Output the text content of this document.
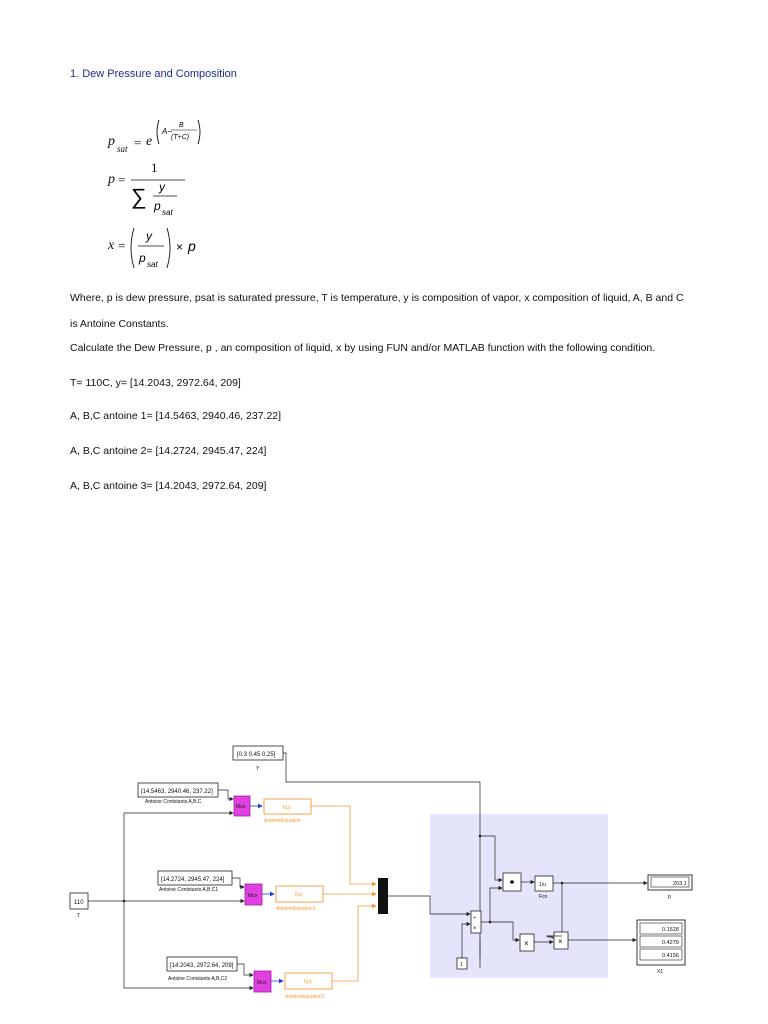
1. Dew Pressure and Composition
p sat = e
A−
B
(T+C)
p =
1
∑ y
p sat
x =
y
p sat
× p
Where, p is dew pressure, psat is saturated pressure, T is temperature, y is composition of vapor, x composition of liquid, A, B and C
is Antoine Constants.
Calculate the Dew Pressure, p , an composition of liquid, x by using FUN and/or MATLAB function with the following condition.
T= 110C, y= [14.2043, 2972.64, 209]
A, B,C antoine 1= [14.5463, 2940.46, 237.22]
A, B,C antoine 2= [14.2724, 2945.47, 224]
A, B,C antoine 3= [14.2043, 2972.64, 209]
[0.3 0.45 0.25]
Y
[14.5463, 2940.46, 237.22]
Antoine Contstants A,B,C
[14.2724, 2945.47, 224]
Antoine Contstants A,B,C1
[14.2043, 2972.64, 209]
Antoine Contstants A,B,C2
110
T
Mux
Mux
Mux
f(u)
AntoineEquation
f(u)
AntoineEquation1
f(u)
AntoineEquation2
÷
×
1
1/u
Fcn
×	×
203.1
p
0.1528
0.4279
0.4156
X1
